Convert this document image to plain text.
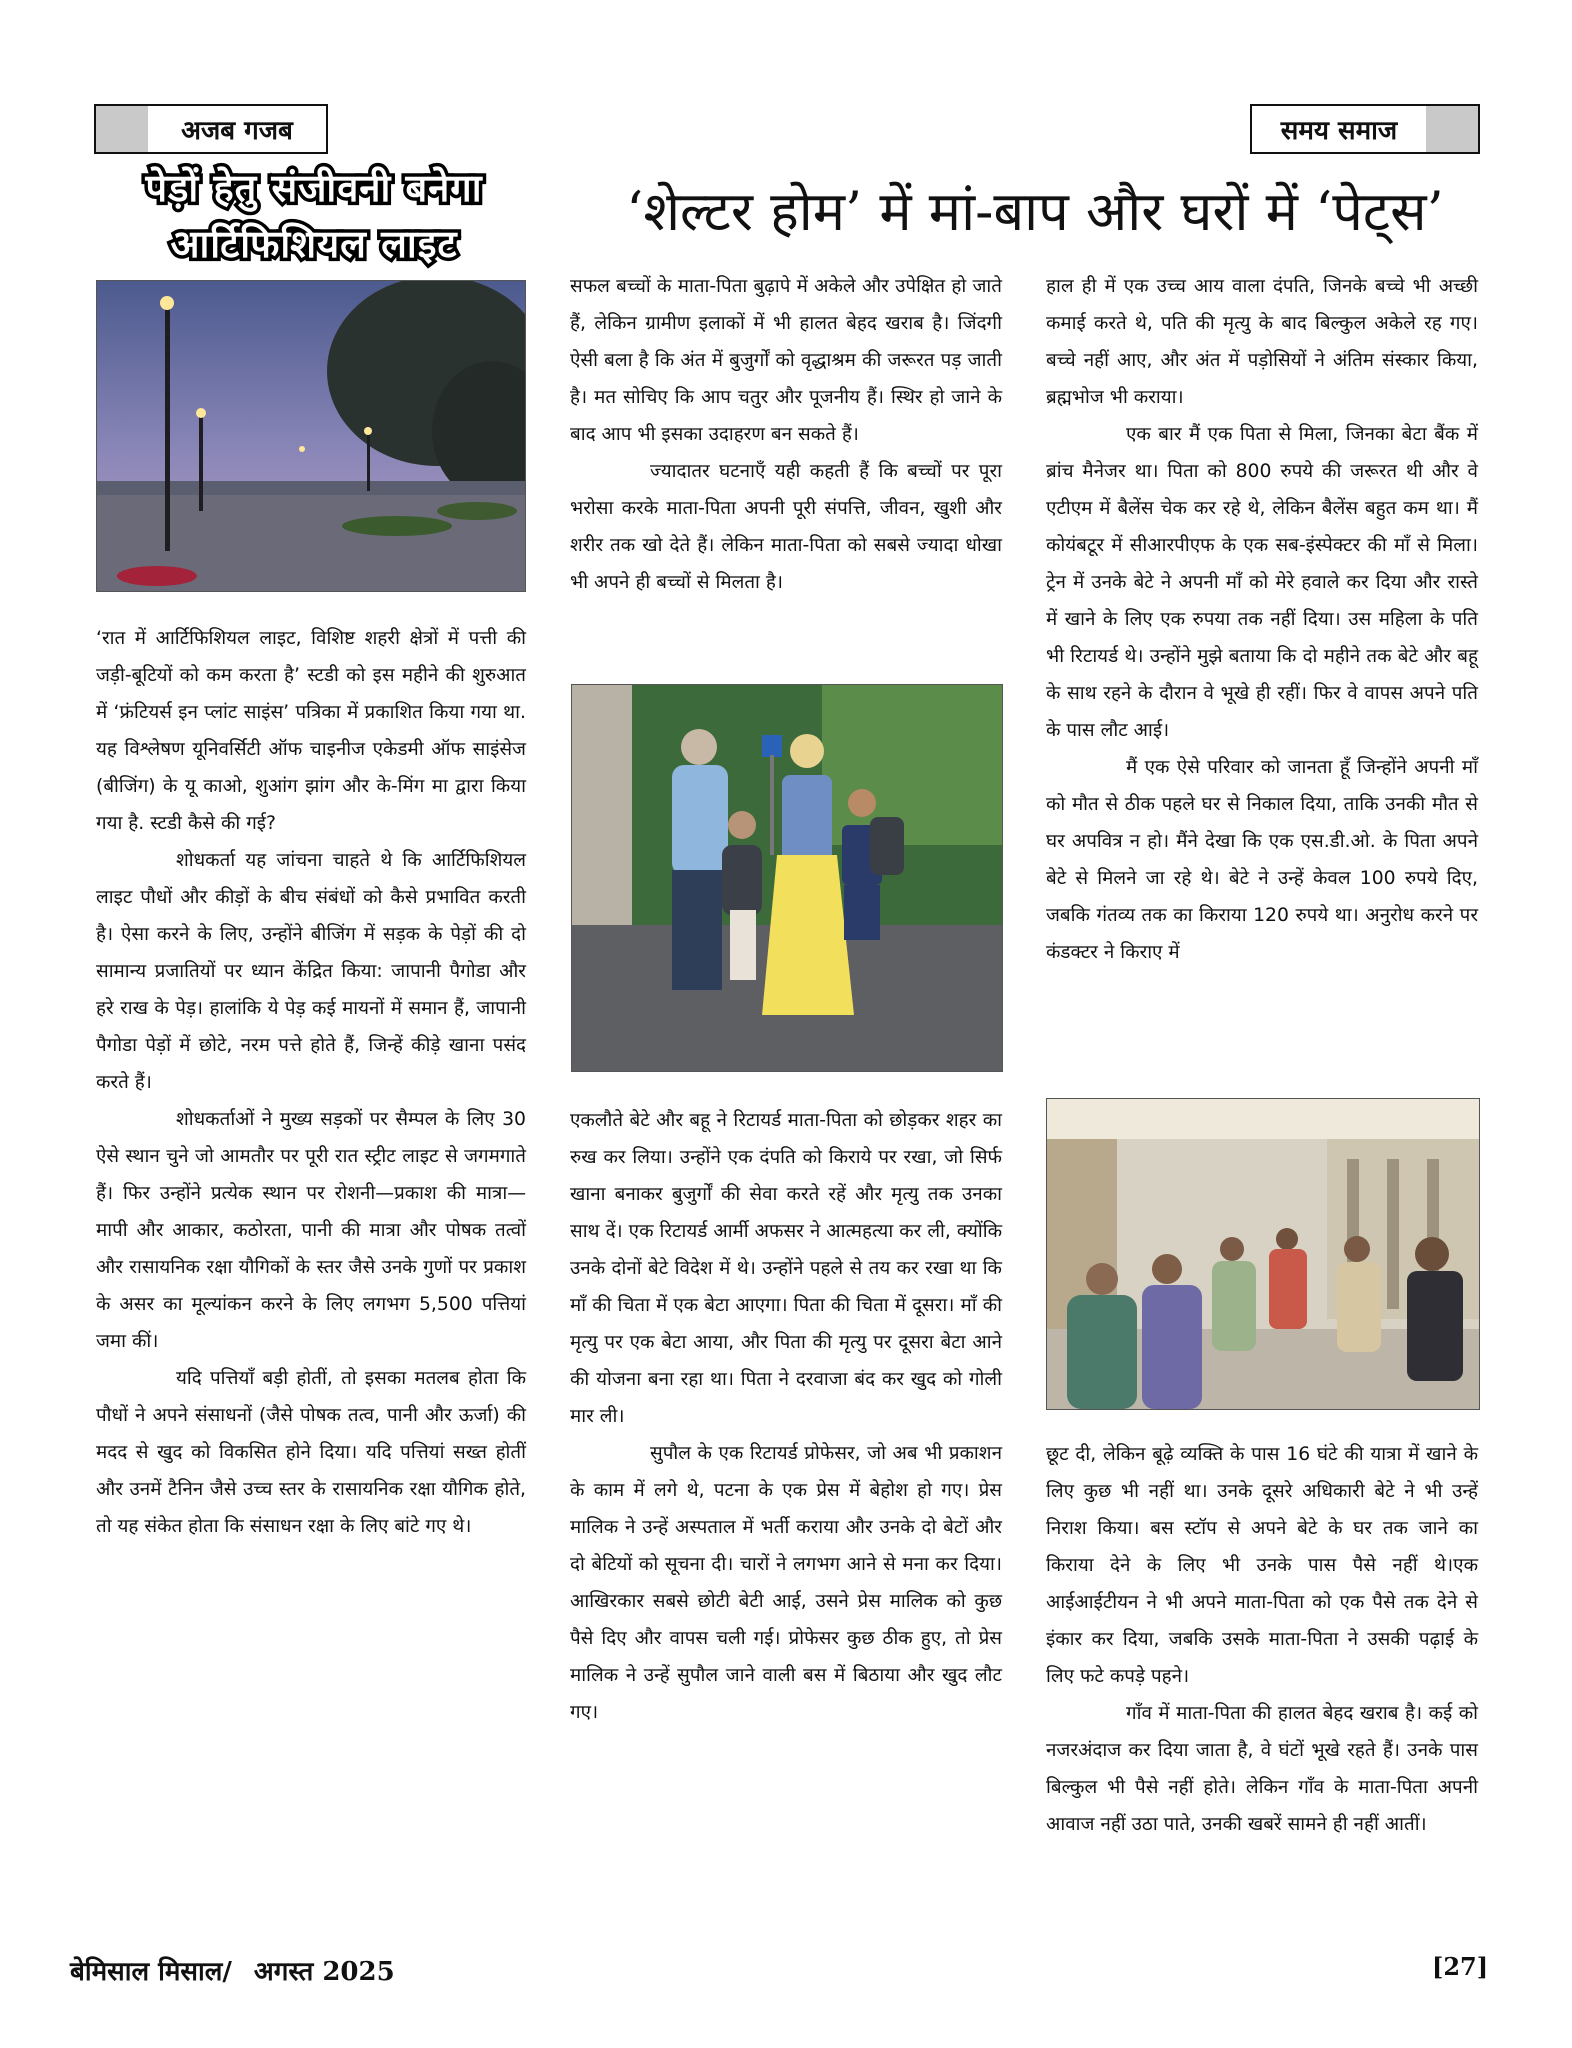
अजब गजब	समय समाज
पेड़ों हेतु संजीवनी बनेगा
आर्टिफिशियल लाइट
‘शेल्टर होम’ में मां-बाप और घरों में ‘पेट्स’

‘रात में आर्टिफिशियल लाइट, विशिष्ट शहरी क्षेत्रों में पत्ती की जड़ी-बूटियों को कम करता है’ स्टडी को इस महीने की शुरुआत में ‘फ्रंटियर्स इन प्लांट साइंस’ पत्रिका में प्रकाशित किया गया था. यह विश्लेषण यूनिवर्सिटी ऑफ चाइनीज एकेडमी ऑफ साइंसेज (बीजिंग) के यू काओ, शुआंग झांग और के-मिंग मा द्वारा किया गया है. स्टडी कैसे की गई?

शोधकर्ता यह जांचना चाहते थे कि आर्टिफिशियल लाइट पौधों और कीड़ों के बीच संबंधों को कैसे प्रभावित करती है। ऐसा करने के लिए, उन्होंने बीजिंग में सड़क के पेड़ों की दो सामान्य प्रजातियों पर ध्यान केंद्रित किया: जापानी पैगोडा और हरे राख के पेड़। हालांकि ये पेड़ कई मायनों में समान हैं, जापानी पैगोडा पेड़ों में छोटे, नरम पत्ते होते हैं, जिन्हें कीड़े खाना पसंद करते हैं।

शोधकर्ताओं ने मुख्य सड़कों पर सैम्पल के लिए 30 ऐसे स्थान चुने जो आमतौर पर पूरी रात स्ट्रीट लाइट से जगमगाते हैं। फिर उन्होंने प्रत्येक स्थान पर रोशनी—प्रकाश की मात्रा—मापी और आकार, कठोरता, पानी की मात्रा और पोषक तत्वों और रासायनिक रक्षा यौगिकों के स्तर जैसे उनके गुणों पर प्रकाश के असर का मूल्यांकन करने के लिए लगभग 5,500 पत्तियां जमा कीं।

यदि पत्तियाँ बड़ी होतीं, तो इसका मतलब होता कि पौधों ने अपने संसाधनों (जैसे पोषक तत्व, पानी और ऊर्जा) की मदद से खुद को विकसित होने दिया। यदि पत्तियां सख्त होतीं और उनमें टैनिन जैसे उच्च स्तर के रासायनिक रक्षा यौगिक होते, तो यह संकेत होता कि संसाधन रक्षा के लिए बांटे गए थे।

सफल बच्चों के माता-पिता बुढ़ापे में अकेले और उपेक्षित हो जाते हैं, लेकिन ग्रामीण इलाकों में भी हालत बेहद खराब है। जिंदगी ऐसी बला है कि अंत में बुजुर्गों को वृद्धाश्रम की जरूरत पड़ जाती है। मत सोचिए कि आप चतुर और पूजनीय हैं। स्थिर हो जाने के बाद आप भी इसका उदाहरण बन सकते हैं।

ज्यादातर घटनाएँ यही कहती हैं कि बच्चों पर पूरा भरोसा करके माता-पिता अपनी पूरी संपत्ति, जीवन, खुशी और शरीर तक खो देते हैं। लेकिन माता-पिता को सबसे ज्यादा धोखा भी अपने ही बच्चों से मिलता है।

एकलौते बेटे और बहू ने रिटायर्ड माता-पिता को छोड़कर शहर का रुख कर लिया। उन्होंने एक दंपति को किराये पर रखा, जो सिर्फ खाना बनाकर बुजुर्गों की सेवा करते रहें और मृत्यु तक उनका साथ दें। एक रिटायर्ड आर्मी अफसर ने आत्महत्या कर ली, क्योंकि उनके दोनों बेटे विदेश में थे। उन्होंने पहले से तय कर रखा था कि माँ की चिता में एक बेटा आएगा। पिता की चिता में दूसरा। माँ की मृत्यु पर एक बेटा आया, और पिता की मृत्यु पर दूसरा बेटा आने की योजना बना रहा था। पिता ने दरवाजा बंद कर खुद को गोली मार ली।

सुपौल के एक रिटायर्ड प्रोफेसर, जो अब भी प्रकाशन के काम में लगे थे, पटना के एक प्रेस में बेहोश हो गए। प्रेस मालिक ने उन्हें अस्पताल में भर्ती कराया और उनके दो बेटों और दो बेटियों को सूचना दी। चारों ने लगभग आने से मना कर दिया। आखिरकार सबसे छोटी बेटी आई, उसने प्रेस मालिक को कुछ पैसे दिए और वापस चली गई। प्रोफेसर कुछ ठीक हुए, तो प्रेस मालिक ने उन्हें सुपौल जाने वाली बस में बिठाया और खुद लौट गए।

हाल ही में एक उच्च आय वाला दंपति, जिनके बच्चे भी अच्छी कमाई करते थे, पति की मृत्यु के बाद बिल्कुल अकेले रह गए। बच्चे नहीं आए, और अंत में पड़ोसियों ने अंतिम संस्कार किया, ब्रह्मभोज भी कराया।

एक बार मैं एक पिता से मिला, जिनका बेटा बैंक में ब्रांच मैनेजर था। पिता को 800 रुपये की जरूरत थी और वे एटीएम में बैलेंस चेक कर रहे थे, लेकिन बैलेंस बहुत कम था। मैं कोयंबटूर में सीआरपीएफ के एक सब-इंस्पेक्टर की माँ से मिला। ट्रेन में उनके बेटे ने अपनी माँ को मेरे हवाले कर दिया और रास्ते में खाने के लिए एक रुपया तक नहीं दिया। उस महिला के पति भी रिटायर्ड थे। उन्होंने मुझे बताया कि दो महीने तक बेटे और बहू के साथ रहने के दौरान वे भूखे ही रहीं। फिर वे वापस अपने पति के पास लौट आई।

मैं एक ऐसे परिवार को जानता हूँ जिन्होंने अपनी माँ को मौत से ठीक पहले घर से निकाल दिया, ताकि उनकी मौत से घर अपवित्र न हो। मैंने देखा कि एक एस.डी.ओ. के पिता अपने बेटे से मिलने जा रहे थे। बेटे ने उन्हें केवल 100 रुपये दिए, जबकि गंतव्य तक का किराया 120 रुपये था। अनुरोध करने पर कंडक्टर ने किराए में

छूट दी, लेकिन बूढ़े व्यक्ति के पास 16 घंटे की यात्रा में खाने के लिए कुछ भी नहीं था। उनके दूसरे अधिकारी बेटे ने भी उन्हें निराश किया। बस स्टॉप से अपने बेटे के घर तक जाने का किराया देने के लिए भी उनके पास पैसे नहीं थे।एक आईआईटीयन ने भी अपने माता-पिता को एक पैसे तक देने से इंकार कर दिया, जबकि उसके माता-पिता ने उसकी पढ़ाई के लिए फटे कपड़े पहने।

गाँव में माता-पिता की हालत बेहद खराब है। कई को नजरअंदाज कर दिया जाता है, वे घंटों भूखे रहते हैं। उनके पास बिल्कुल भी पैसे नहीं होते। लेकिन गाँव के माता-पिता अपनी आवाज नहीं उठा पाते, उनकी खबरें सामने ही नहीं आतीं।

बेमिसाल मिसाल/ अगस्त 2025	[27]
